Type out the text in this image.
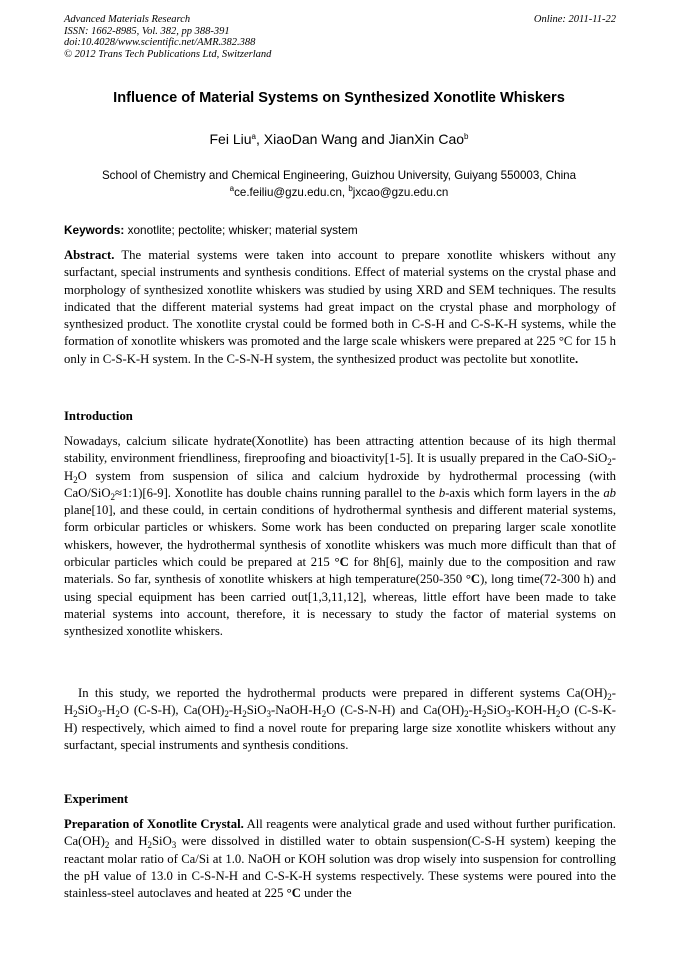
Advanced Materials Research
ISSN: 1662-8985, Vol. 382, pp 388-391
doi:10.4028/www.scientific.net/AMR.382.388
© 2012 Trans Tech Publications Ltd, Switzerland
Online: 2011-11-22
Influence of Material Systems on Synthesized Xonotlite Whiskers
Fei Liu$^a$, XiaoDan Wang and JianXin Cao$^b$
School of Chemistry and Chemical Engineering, Guizhou University, Guiyang 550003, China
$^a$ce.feiliu@gzu.edu.cn, $^b$jxcao@gzu.edu.cn
Keywords: xonotlite; pectolite; whisker; material system
Abstract. The material systems were taken into account to prepare xonotlite whiskers without any surfactant, special instruments and synthesis conditions. Effect of material systems on the crystal phase and morphology of synthesized xonotlite whiskers was studied by using XRD and SEM techniques. The results indicated that the different material systems had great impact on the crystal phase and morphology of synthesized product. The xonotlite crystal could be formed both in C-S-H and C-S-K-H systems, while the formation of xonotlite whiskers was promoted and the large scale whiskers were prepared at 225 °C for 15 h only in C-S-K-H system. In the C-S-N-H system, the synthesized product was pectolite but xonotlite.
Introduction
Nowadays, calcium silicate hydrate(Xonotlite) has been attracting attention because of its high thermal stability, environment friendliness, fireproofing and bioactivity[1-5]. It is usually prepared in the CaO-$SiO_2-H_2O$ system from suspension of silica and calcium hydroxide by hydrothermal processing (with CaO/SiO$_2$≈1:1)[6-9]. Xonotlite has double chains running parallel to the b-axis which form layers in the ab plane[10], and these could, in certain conditions of hydrothermal synthesis and different material systems, form orbicular particles or whiskers. Some work has been conducted on preparing larger scale xonotlite whiskers, however, the hydrothermal synthesis of xonotlite whiskers was much more difficult than that of orbicular particles which could be prepared at 215 °C for 8h[6], mainly due to the composition and raw materials. So far, synthesis of xonotlite whiskers at high temperature(250-350 °C), long time(72-300 h) and using special equipment has been carried out[1,3,11,12], whereas, little effort have been made to take material systems into account, therefore, it is necessary to study the factor of material systems on synthesized xonotlite whiskers.
In this study, we reported the hydrothermal products were prepared in different systems $Ca(OH)_2-H_2SiO_3-H_2O$ (C-S-H), $Ca(OH)_2-H_2SiO_3-NaOH-H_2O$ (C-S-N-H) and $Ca(OH)_2-H_2SiO_3-KOH-H_2O$ (C-S-K-H) respectively, which aimed to find a novel route for preparing large size xonotlite whiskers without any surfactant, special instruments and synthesis conditions.
Experiment
Preparation of Xonotlite Crystal. All reagents were analytical grade and used without further purification. $Ca(OH)_2$ and $H_2SiO_3$ were dissolved in distilled water to obtain suspension(C-S-H system) keeping the reactant molar ratio of Ca/Si at 1.0. NaOH or KOH solution was drop wisely into suspension for controlling the pH value of 13.0 in C-S-N-H and C-S-K-H systems respectively. These systems were poured into the stainless-steel autoclaves and heated at 225 °C under the
